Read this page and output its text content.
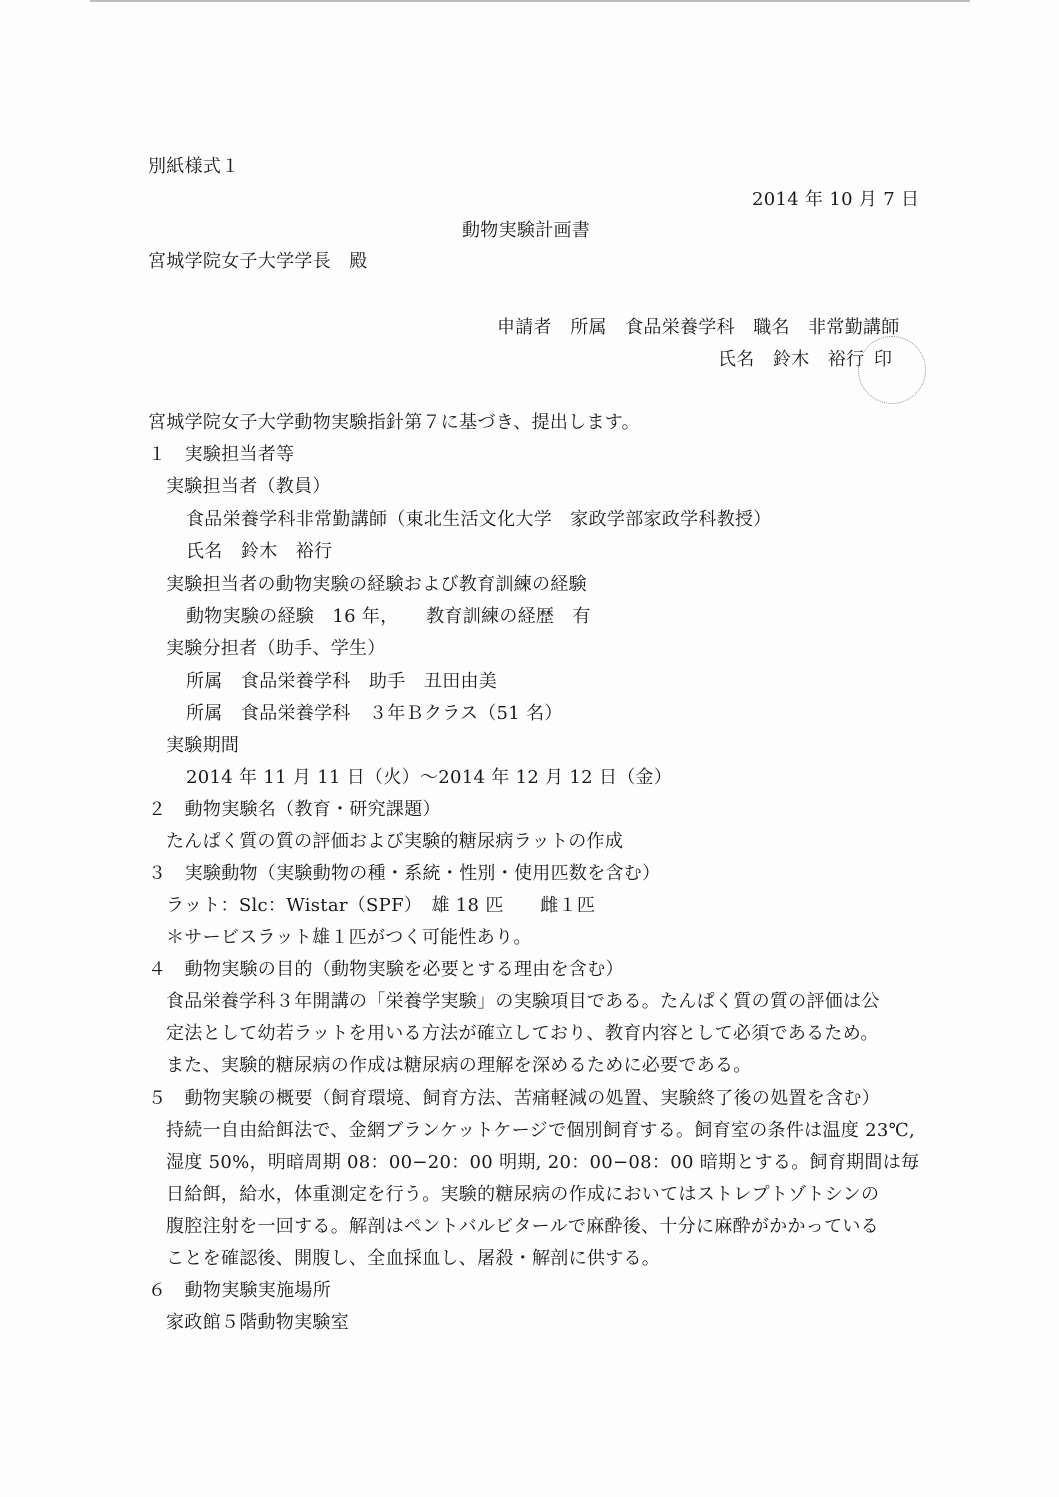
別紙様式１
2014 年 10 月 7 日
動物実験計画書
宮城学院女子大学学長　殿
申請者　所属　食品栄養学科　職名　非常勤講師
氏名　鈴木　裕行 印
宮城学院女子大学動物実験指針第７に基づき、提出します。
１　実験担当者等
実験担当者（教員）
食品栄養学科非常勤講師（東北生活文化大学　家政学部家政学科教授）
氏名　鈴木　裕行
実験担当者の動物実験の経験および教育訓練の経験
動物実験の経験　16 年，　　教育訓練の経歴　有
実験分担者（助手、学生）
所属　食品栄養学科　助手　丑田由美
所属　食品栄養学科　３年Ｂクラス（51 名）
実験期間
2014 年 11 月 11 日（火）～2014 年 12 月 12 日（金）
２　動物実験名（教育・研究課題）
たんぱく質の質の評価および実験的糖尿病ラットの作成
３　実験動物（実験動物の種・系統・性別・使用匹数を含む）
ラット：Slc：Wistar（SPF）　雄 18 匹　　雌１匹
＊サービスラット雄１匹がつく可能性あり。
４　動物実験の目的（動物実験を必要とする理由を含む）
食品栄養学科３年開講の「栄養学実験」の実験項目である。たんぱく質の質の評価は公
定法として幼若ラットを用いる方法が確立しており、教育内容として必須であるため。
また、実験的糖尿病の作成は糖尿病の理解を深めるために必要である。
５　動物実験の概要（飼育環境、飼育方法、苦痛軽減の処置、実験終了後の処置を含む）
持続一自由給餌法で、金網ブランケットケージで個別飼育する。飼育室の条件は温度 23℃,
湿度 50%，明暗周期 08：00−20：00 明期, 20：00−08：00 暗期とする。飼育期間は毎
日給餌，給水，体重測定を行う。実験的糖尿病の作成においてはストレプトゾトシンの
腹腔注射を一回する。解剖はペントバルビタールで麻酔後、十分に麻酔がかかっている
ことを確認後、開腹し、全血採血し、屠殺・解剖に供する。
６　動物実験実施場所
家政館５階動物実験室
